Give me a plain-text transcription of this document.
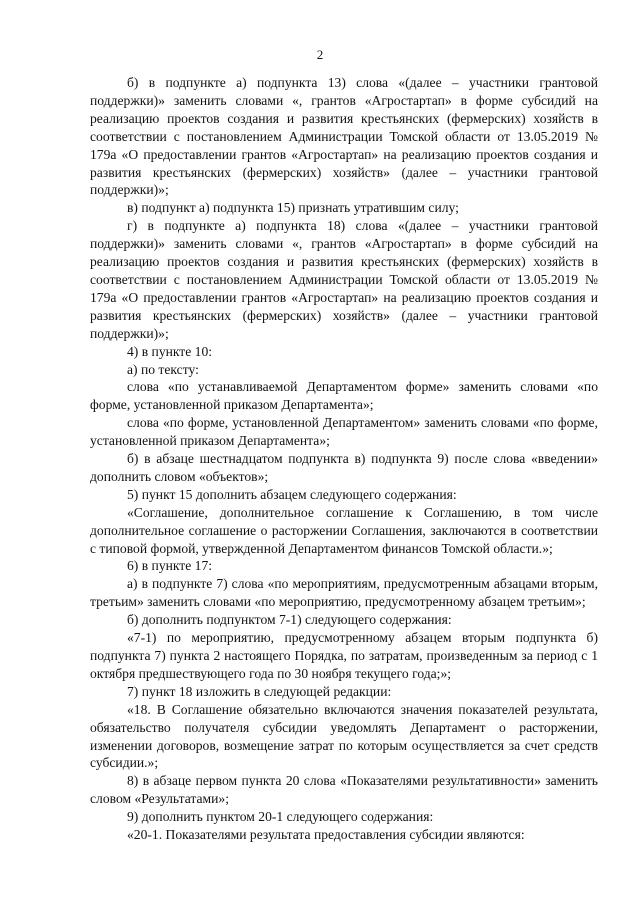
2

б) в подпункте а) подпункта 13) слова «(далее – участники грантовой поддержки)» заменить словами «, грантов «Агростартап» в форме субсидий на реализацию проектов создания и развития крестьянских (фермерских) хозяйств в соответствии с постановлением Администрации Томской области от 13.05.2019 № 179а «О предоставлении грантов «Агростартап» на реализацию проектов создания и развития крестьянских (фермерских) хозяйств» (далее – участники грантовой поддержки)»;

в) подпункт а) подпункта 15) признать утратившим силу;

г) в подпункте а) подпункта 18) слова «(далее – участники грантовой поддержки)» заменить словами «, грантов «Агростартап» в форме субсидий на реализацию проектов создания и развития крестьянских (фермерских) хозяйств в соответствии с постановлением Администрации Томской области от 13.05.2019 № 179а «О предоставлении грантов «Агростартап» на реализацию проектов создания и развития крестьянских (фермерских) хозяйств» (далее – участники грантовой поддержки)»;

4) в пункте 10:

а) по тексту:

слова «по устанавливаемой Департаментом форме» заменить словами «по форме, установленной приказом Департамента»;

слова «по форме, установленной Департаментом» заменить словами «по форме, установленной приказом Департамента»;

б) в абзаце шестнадцатом подпункта в) подпункта 9) после слова «введении» дополнить словом «объектов»;

5) пункт 15 дополнить абзацем следующего содержания:

«Соглашение, дополнительное соглашение к Соглашению, в том числе дополнительное соглашение о расторжении Соглашения, заключаются в соответствии с типовой формой, утвержденной Департаментом финансов Томской области.»;

6) в пункте 17:

а) в подпункте 7) слова «по мероприятиям, предусмотренным абзацами вторым, третьим» заменить словами «по мероприятию, предусмотренному абзацем третьим»;

б) дополнить подпунктом 7-1) следующего содержания:

«7-1) по мероприятию, предусмотренному абзацем вторым подпункта б) подпункта 7) пункта 2 настоящего Порядка, по затратам, произведенным за период с 1 октября предшествующего года по 30 ноября текущего года;»;

7) пункт 18 изложить в следующей редакции:

«18. В Соглашение обязательно включаются значения показателей результата, обязательство получателя субсидии уведомлять Департамент о расторжении, изменении договоров, возмещение затрат по которым осуществляется за счет средств субсидии.»;

8) в абзаце первом пункта 20 слова «Показателями результативности» заменить словом «Результатами»;

9) дополнить пунктом 20-1 следующего содержания:

«20-1. Показателями результата предоставления субсидии являются:
